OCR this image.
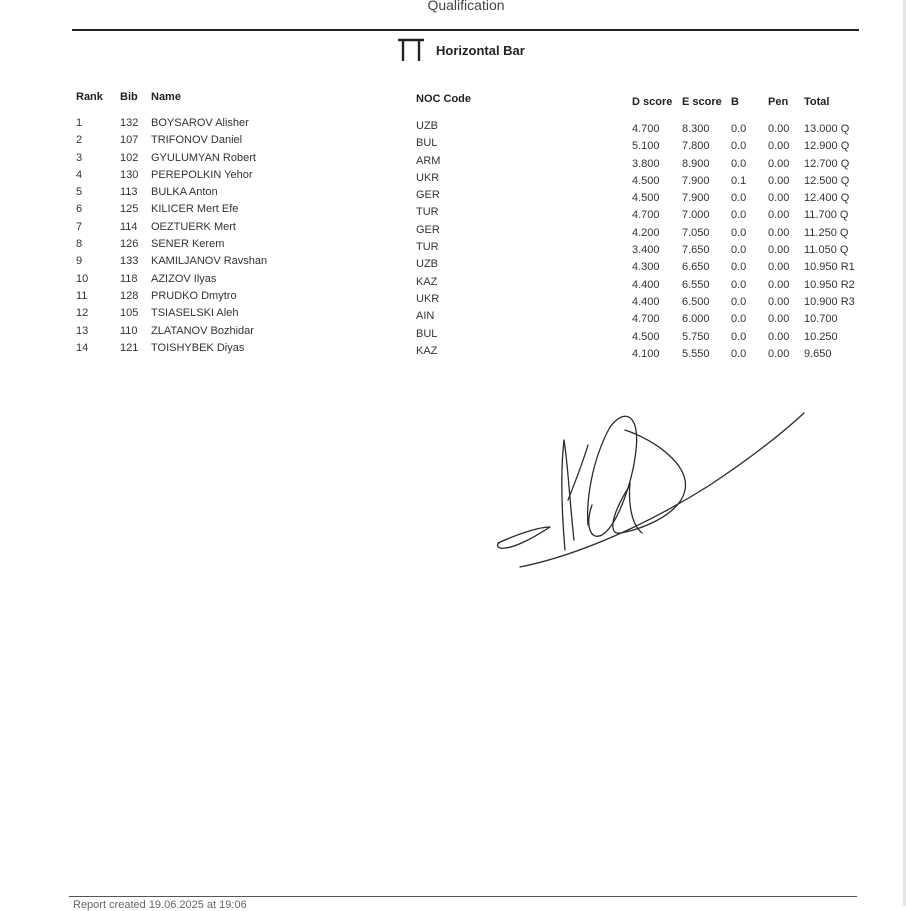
Qualification
Horizontal Bar
Rank Bib Name	NOC Code	D score E score B	Pen Total
1	132 BOYSAROV Alisher	UZB	4.700 8.300 0.0 0.00 13.000 Q
2	107 TRIFONOV Daniel	BUL	5.100 7.800 0.0 0.00 12.900 Q
3	102 GYULUMYAN Robert	ARM	3.800 8.900 0.0 0.00 12.700 Q
4	130 PEREPOLKIN Yehor	UKR	4.500 7.900 0.1 0.00 12.500 Q
5	113 BULKA Anton	GER	4.500 7.900 0.0 0.00 12.400 Q
6	125 KILICER Mert Efe	TUR	4.700 7.000 0.0 0.00 11.700 Q
7	114 OEZTUERK Mert	GER	4.200 7.050 0.0 0.00 11.250 Q
8	126 SENER Kerem	TUR	3.400 7.650 0.0 0.00 11.050 Q
9	133 KAMILJANOV Ravshan	UZB	4.300 6.650 0.0 0.00 10.950 R1
10	118 AZIZOV Ilyas	KAZ	4.400 6.550 0.0 0.00 10.950 R2
11	128 PRUDKO Dmytro	UKR	4.400 6.500 0.0 0.00 10.900 R3
12	105 TSIASELSKI Aleh	AIN	4.700 6.000 0.0 0.00 10.700
13	110 ZLATANOV Bozhidar	BUL	4.500 5.750 0.0 0.00 10.250
14	121 TOISHYBEK Diyas	KAZ	4.100 5.550 0.0 0.00 9.650
Report created 19.06.2025 at 19:06
